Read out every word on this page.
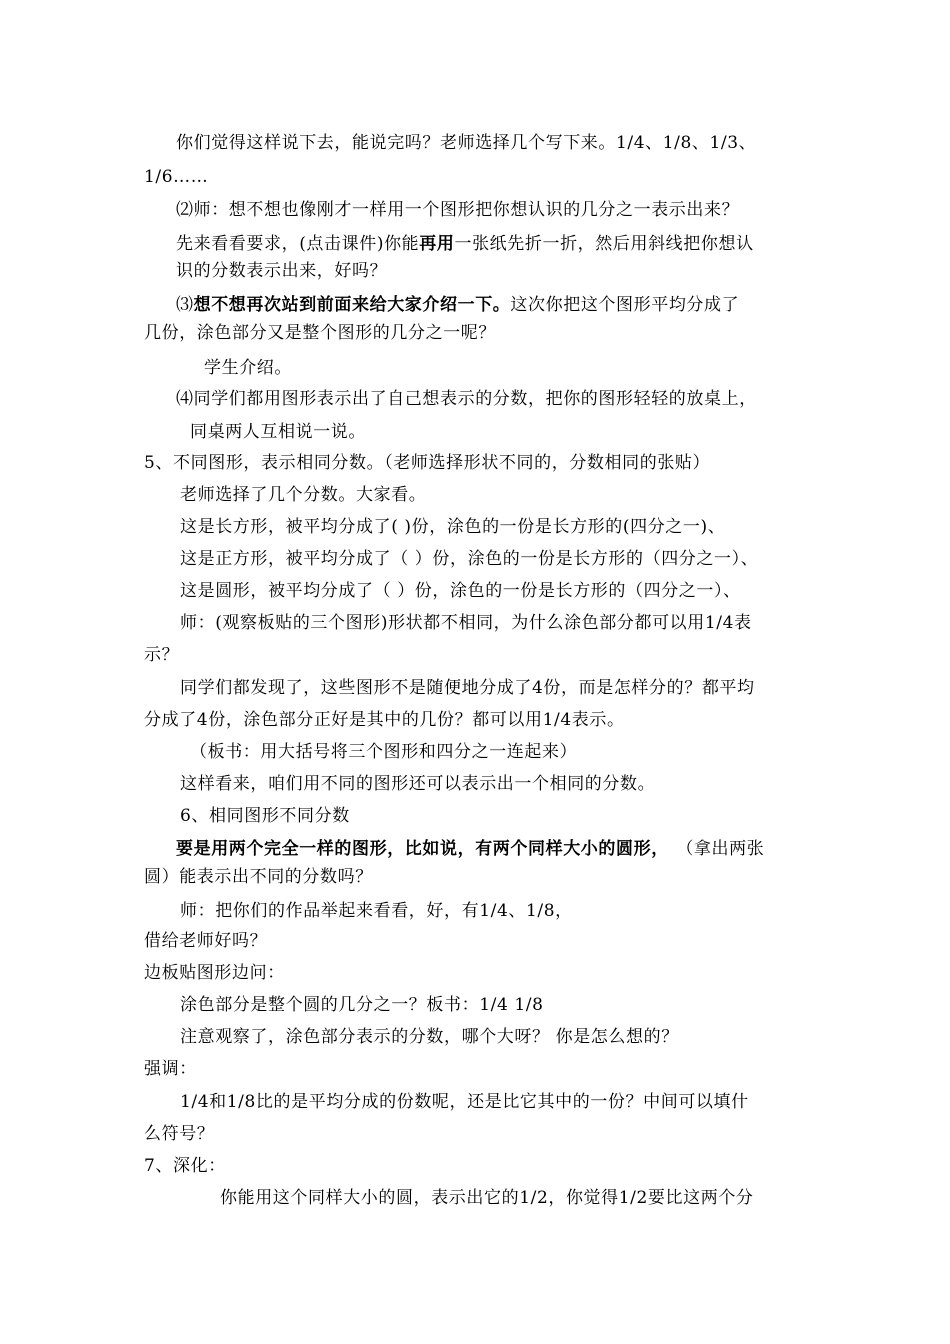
你们觉得这样说下去，能说完吗？老师选择几个写下来。1/4、1/8、1/3、
1/6……
⑵师：想不想也像刚才一样用一个图形把你想认识的几分之一表示出来？
先来看看要求，(点击课件)你能再用一张纸先折一折，然后用斜线把你想认
识的分数表示出来，好吗？
⑶想不想再次站到前面来给大家介绍一下。这次你把这个图形平均分成了
几份，涂色部分又是整个图形的几分之一呢？
学生介绍。
⑷同学们都用图形表示出了自己想表示的分数，把你的图形轻轻的放桌上，
同桌两人互相说一说。
5、不同图形，表示相同分数。（老师选择形状不同的，分数相同的张贴）
老师选择了几个分数。大家看。
这是长方形，被平均分成了( )份，涂色的一份是长方形的(四分之一)、
这是正方形，被平均分成了（ ）份，涂色的一份是长方形的（四分之一）、
这是圆形，被平均分成了（ ）份，涂色的一份是长方形的（四分之一）、
师：(观察板贴的三个图形)形状都不相同，为什么涂色部分都可以用1/4表
示？
同学们都发现了，这些图形不是随便地分成了4份，而是怎样分的？都平均
分成了4份，涂色部分正好是其中的几份？都可以用1/4表示。
（板书：用大括号将三个图形和四分之一连起来）
这样看来，咱们用不同的图形还可以表示出一个相同的分数。
6、相同图形不同分数
要是用两个完全一样的图形，比如说，有两个同样大小的圆形， （拿出两张
圆）能表示出不同的分数吗？
师：把你们的作品举起来看看，好，有1/4、1/8，
借给老师好吗？
边板贴图形边问：
涂色部分是整个圆的几分之一？板书：1/4 1/8
注意观察了，涂色部分表示的分数，哪个大呀？ 你是怎么想的？
强调：
1/4和1/8比的是平均分成的份数呢，还是比它其中的一份？中间可以填什
么符号？
7、深化：
你能用这个同样大小的圆，表示出它的1/2，你觉得1/2要比这两个分
